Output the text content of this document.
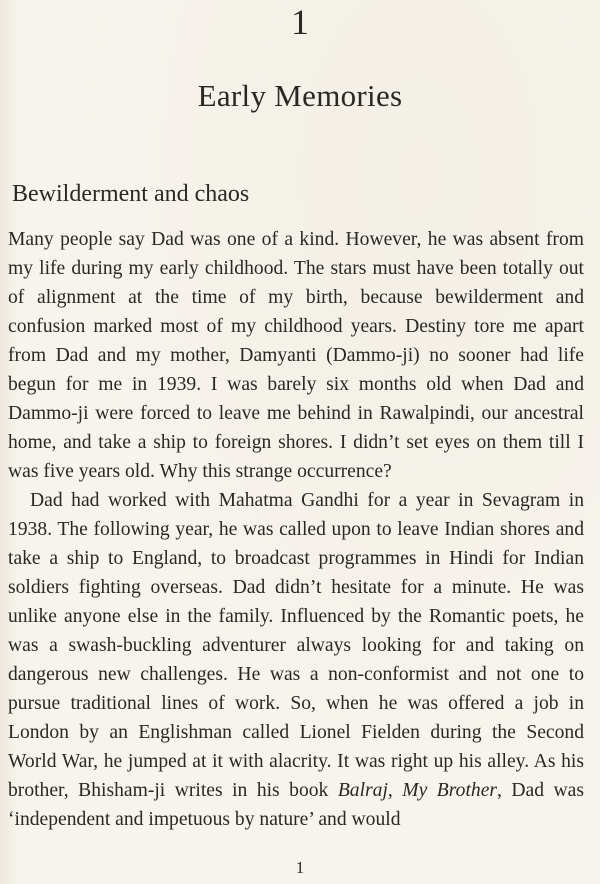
1
Early Memories
Bewilderment and chaos

Many people say Dad was one of a kind. However, he was absent from my life during my early childhood. The stars must have been totally out of alignment at the time of my birth, because bewilderment and confusion marked most of my childhood years. Destiny tore me apart from Dad and my mother, Damyanti (Dammo-ji) no sooner had life begun for me in 1939. I was barely six months old when Dad and Dammo-ji were forced to leave me behind in Rawalpindi, our ancestral home, and take a ship to foreign shores. I didn’t set eyes on them till I was five years old. Why this strange occurrence?

Dad had worked with Mahatma Gandhi for a year in Sevagram in 1938. The following year, he was called upon to leave Indian shores and take a ship to England, to broadcast programmes in Hindi for Indian soldiers fighting overseas. Dad didn’t hesitate for a minute. He was unlike anyone else in the family. Influenced by the Romantic poets, he was a swash-buckling adventurer always looking for and taking on dangerous new challenges. He was a non-conformist and not one to pursue traditional lines of work. So, when he was offered a job in London by an Englishman called Lionel Fielden during the Second World War, he jumped at it with alacrity. It was right up his alley. As his brother, Bhisham-ji writes in his book Balraj, My Brother, Dad was ‘independent and impetuous by nature’ and would

1
